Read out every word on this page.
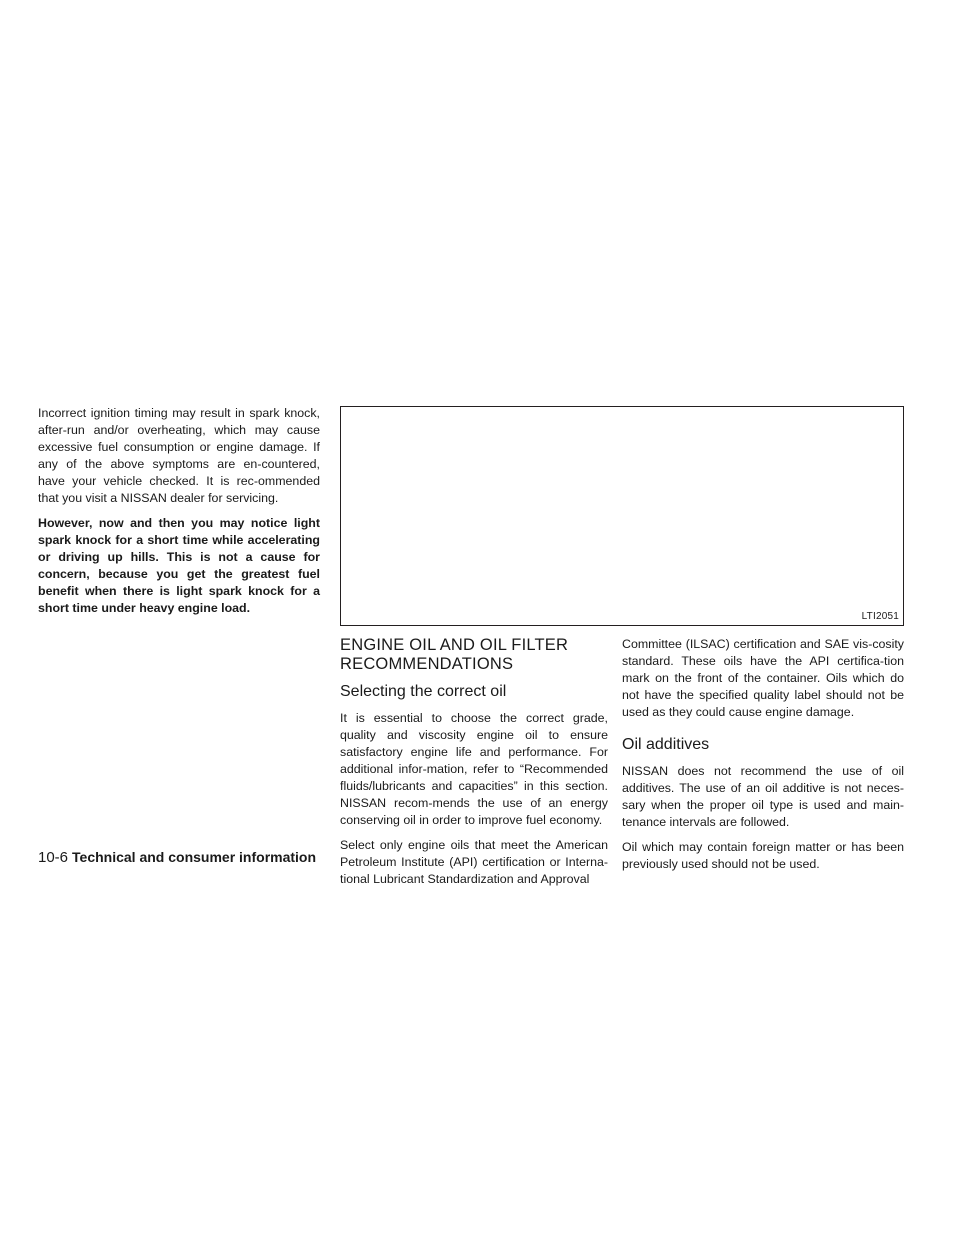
Incorrect ignition timing may result in spark knock, after-run and/or overheating, which may cause excessive fuel consumption or engine damage. If any of the above symptoms are en-countered, have your vehicle checked. It is rec-ommended that you visit a NISSAN dealer for servicing.

However, now and then you may notice light spark knock for a short time while accelerating or driving up hills. This is not a cause for concern, because you get the greatest fuel benefit when there is light spark knock for a short time under heavy engine load.

LTI2051
ENGINE OIL AND OIL FILTER RECOMMENDATIONS
Selecting the correct oil

It is essential to choose the correct grade, quality and viscosity engine oil to ensure satisfactory engine life and performance. For additional infor-mation, refer to “Recommended fluids/lubricants and capacities” in this section. NISSAN recom-mends the use of an energy conserving oil in order to improve fuel economy.

Select only engine oils that meet the American Petroleum Institute (API) certification or Interna-tional Lubricant Standardization and Approval

Committee (ILSAC) certification and SAE vis-cosity standard. These oils have the API certifica-tion mark on the front of the container. Oils which do not have the specified quality label should not be used as they could cause engine damage.

Oil additives

NISSAN does not recommend the use of oil additives. The use of an oil additive is not neces-sary when the proper oil type is used and main-tenance intervals are followed.

Oil which may contain foreign matter or has been previously used should not be used.

10-6 Technical and consumer information
